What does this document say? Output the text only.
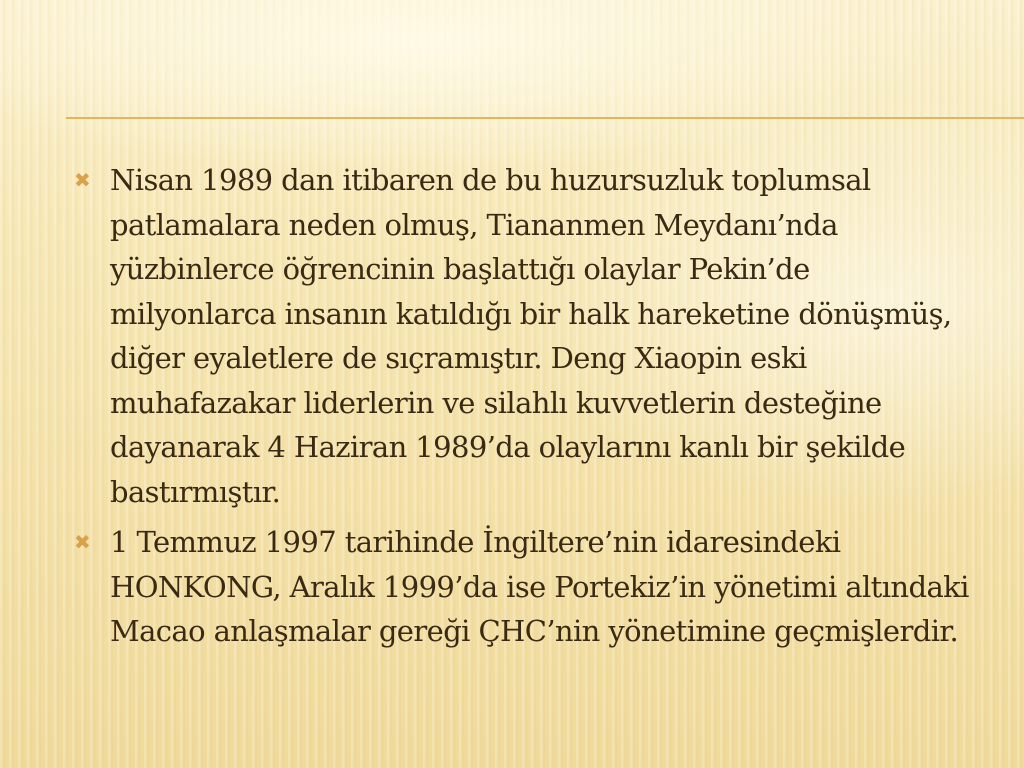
✖ Nisan 1989 dan itibaren de bu huzursuzluk toplumsal patlamalara neden olmuş, Tiananmen Meydanı’nda yüzbinlerce öğrencinin başlattığı olaylar Pekin’de milyonlarca insanın katıldığı bir halk hareketine dönüşmüş, diğer eyaletlere de sıçramıştır. Deng Xiaopin eski muhafazakar liderlerin ve silahlı kuvvetlerin desteğine dayanarak 4 Haziran 1989’da olaylarını kanlı bir şekilde bastırmıştır.
✖ 1 Temmuz 1997 tarihinde İngiltere’nin idaresindeki HONKONG, Aralık 1999’da ise Portekiz’in yönetimi altındaki Macao anlaşmalar gereği ÇHC’nin yönetimine geçmişlerdir.
